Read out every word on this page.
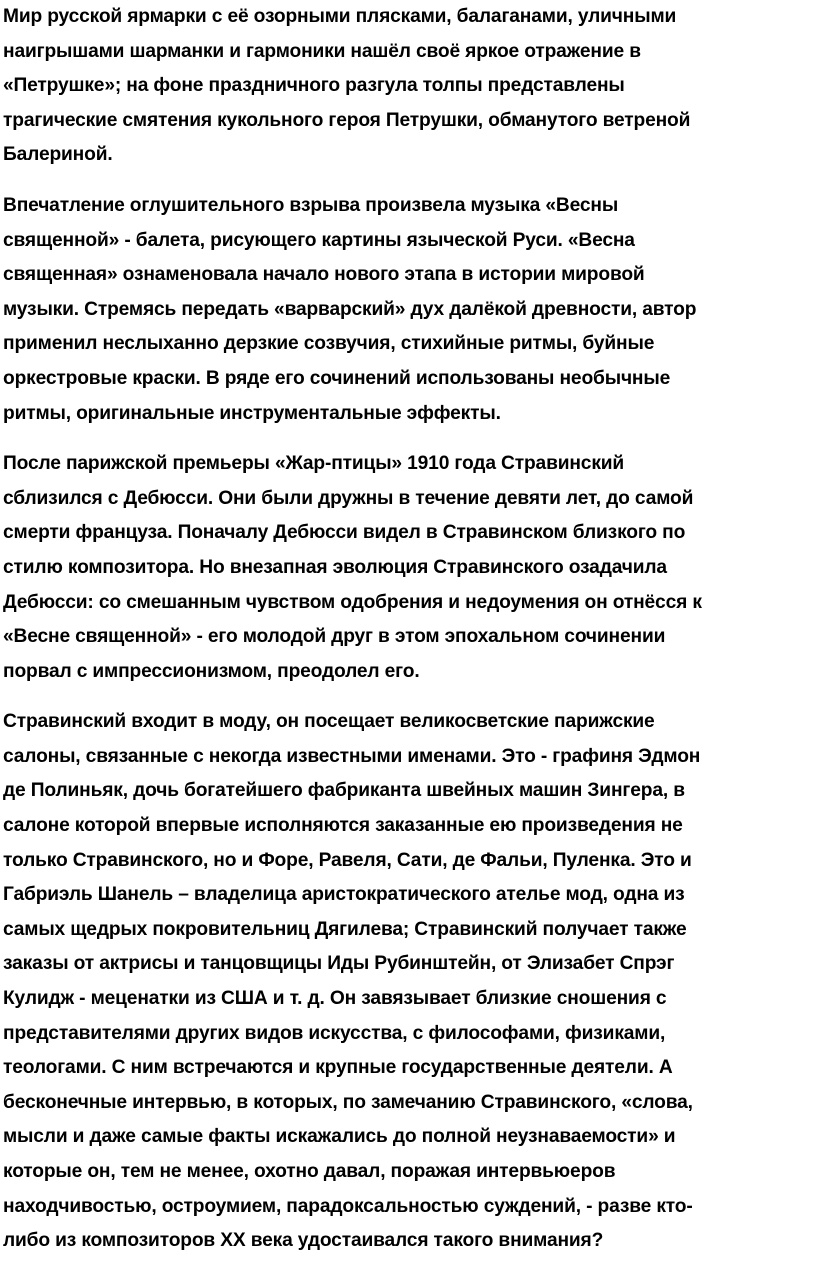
Мир русской ярмарки с её озорными плясками, балаганами, уличными
наигрышами шарманки и гармоники нашёл своё яркое отражение в
«Петрушке»; на фоне праздничного разгула толпы представлены
трагические смятения кукольного героя Петрушки, обманутого ветреной
Балериной.

Впечатление оглушительного взрыва произвела музыка «Весны
священной» - балета, рисующего картины языческой Руси. «Весна
священная» ознаменовала начало нового этапа в истории мировой
музыки. Стремясь передать «варварский» дух далёкой древности, автор
применил неслыханно дерзкие созвучия, стихийные ритмы, буйные
оркестровые краски. В ряде его сочинений использованы необычные
ритмы, оригинальные инструментальные эффекты.

После парижской премьеры «Жар-птицы» 1910 года Стравинский
сблизился с Дебюсси. Они были дружны в течение девяти лет, до самой
смерти француза. Поначалу Дебюсси видел в Стравинском близкого по
стилю композитора. Но внезапная эволюция Стравинского озадачила
Дебюсси: со смешанным чувством одобрения и недоумения он отнёсся к
«Весне священной» - его молодой друг в этом эпохальном сочинении
порвал с импрессионизмом, преодолел его.

Стравинский входит в моду, он посещает великосветские парижские
салоны, связанные с некогда известными именами. Это - графиня Эдмон
де Полиньяк, дочь богатейшего фабриканта швейных машин Зингера, в
салоне которой впервые исполняются заказанные ею произведения не
только Стравинского, но и Форе, Равеля, Сати, де Фальи, Пуленка. Это и
Габриэль Шанель – владелица аристократического ателье мод, одна из
самых щедрых покровительниц Дягилева; Стравинский получает также
заказы от актрисы и танцовщицы Иды Рубинштейн, от Элизабет Спрэг
Кулидж - меценатки из США и т. д. Он завязывает близкие сношения с
представителями других видов искусства, с философами, физиками,
теологами. С ним встречаются и крупные государственные деятели. А
бесконечные интервью, в которых, по замечанию Стравинского, «слова,
мысли и даже самые факты искажались до полной неузнаваемости» и
которые он, тем не менее, охотно давал, поражая интервьюеров
находчивостью, остроумием, парадоксальностью суждений, - разве кто-
либо из композиторов XX века удостаивался такого внимания?
